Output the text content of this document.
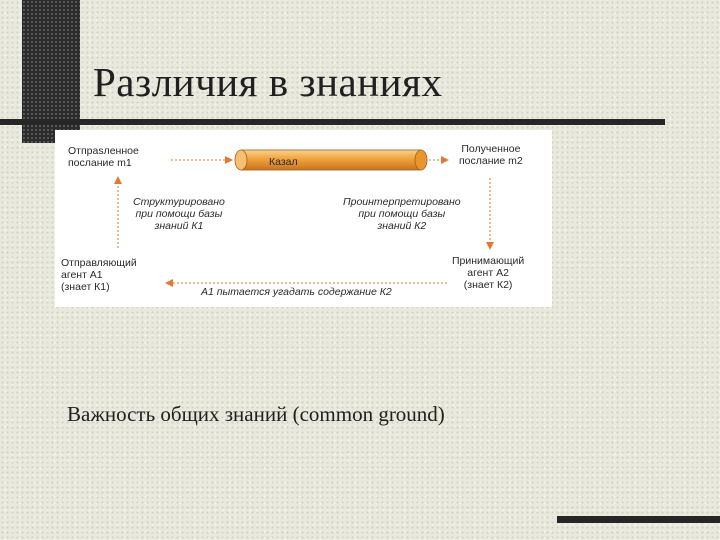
Различия в знаниях

Отпраsленное
послание m1	Казал

Полученное
послание m2

Структурировано
при помощи базы
знаний К1

Проинтерпретировано
при помощи базы
знаний К2

Отправляющий
агент А1
(знает К1)

Принимающий
агент А2
(знает К2)

А1 пытается угадать содержание К2

Важность общих знаний (common ground)
